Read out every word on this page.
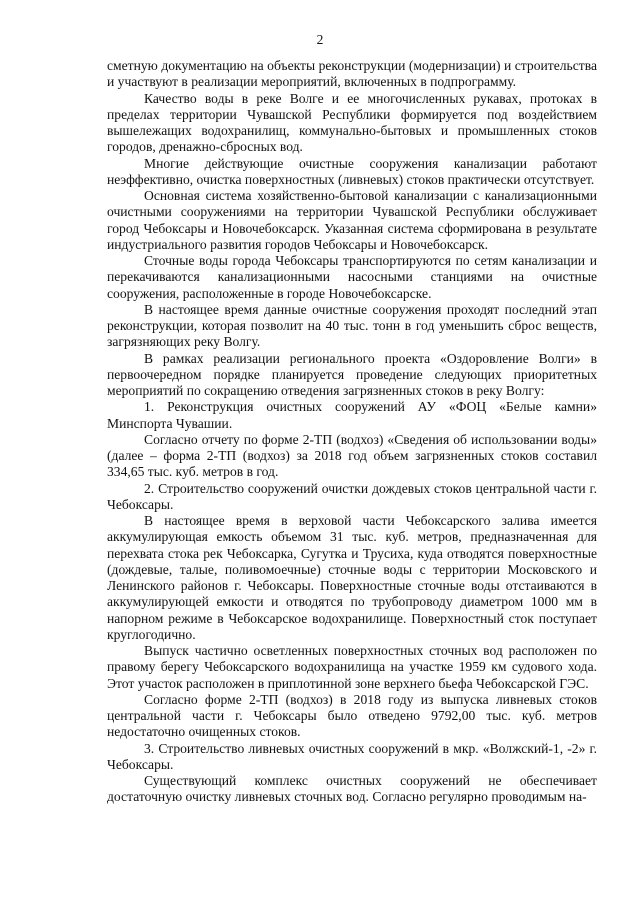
2

сметную документацию на объекты реконструкции (модернизации) и строительства и участвуют в реализации мероприятий, включенных в подпрограмму.

Качество воды в реке Волге и ее многочисленных рукавах, протоках в пределах территории Чувашской Республики формируется под воздействием вышележащих водохранилищ, коммунально-бытовых и промышленных стоков городов, дренажно-сбросных вод.

Многие действующие очистные сооружения канализации работают неэффективно, очистка поверхностных (ливневых) стоков практически отсутствует.

Основная система хозяйственно-бытовой канализации с канализационными очистными сооружениями на территории Чувашской Республики обслуживает город Чебоксары и Новочебоксарск. Указанная система сформирована в результате индустриального развития городов Чебоксары и Новочебоксарск.

Сточные воды города Чебоксары транспортируются по сетям канализации и перекачиваются канализационными насосными станциями на очистные сооружения, расположенные в городе Новочебоксарске.

В настоящее время данные очистные сооружения проходят последний этап реконструкции, которая позволит на 40 тыс. тонн в год уменьшить сброс веществ, загрязняющих реку Волгу.

В рамках реализации регионального проекта «Оздоровление Волги» в первоочередном порядке планируется проведение следующих приоритетных мероприятий по сокращению отведения загрязненных стоков в реку Волгу:

1. Реконструкция очистных сооружений АУ «ФОЦ «Белые камни» Минспорта Чувашии.

Согласно отчету по форме 2-ТП (водхоз) «Сведения об использовании воды» (далее – форма 2-ТП (водхоз) за 2018 год объем загрязненных стоков составил 334,65 тыс. куб. метров в год.

2. Строительство сооружений очистки дождевых стоков центральной части г. Чебоксары.

В настоящее время в верховой части Чебоксарского залива имеется аккумулирующая емкость объемом 31 тыс. куб. метров, предназначенная для перехвата стока рек Чебоксарка, Сугутка и Трусиха, куда отводятся поверхностные (дождевые, талые, поливомоечные) сточные воды с территории Московского и Ленинского районов г. Чебоксары. Поверхностные сточные воды отстаиваются в аккумулирующей емкости и отводятся по трубопроводу диаметром 1000 мм в напорном режиме в Чебоксарское водохранилище. Поверхностный сток поступает круглогодично.

Выпуск частично осветленных поверхностных сточных вод расположен по правому берегу Чебоксарского водохранилища на участке 1959 км судового хода. Этот участок расположен в приплотинной зоне верхнего бьефа Чебоксарской ГЭС.

Согласно форме 2-ТП (водхоз) в 2018 году из выпуска ливневых стоков центральной части г. Чебоксары было отведено 9792,00 тыс. куб. метров недостаточно очищенных стоков.

3. Строительство ливневых очистных сооружений в мкр. «Волжский-1, -2» г. Чебоксары.

Существующий комплекс очистных сооружений не обеспечивает достаточную очистку ливневых сточных вод. Согласно регулярно проводимым на-
